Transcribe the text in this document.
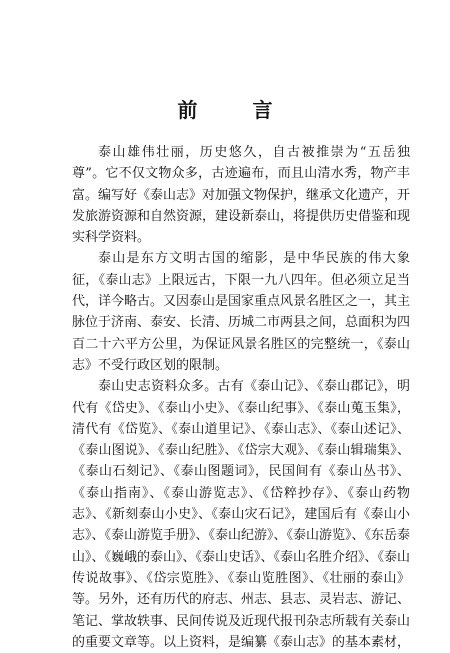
前 言

泰山雄伟壮丽，历史悠久，自古被推崇为“五岳独尊”。它不仅文物众多，古迹遍布，而且山清水秀，物产丰富。编写好《泰山志》对加强文物保护，继承文化遗产，开发旅游资源和自然资源，建设新泰山，将提供历史借鉴和现实科学资料。

泰山是东方文明古国的缩影，是中华民族的伟大象征，《泰山志》上限远古，下限一九八四年。但必须立足当代，详今略古。又因泰山是国家重点风景名胜区之一，其主脉位于济南、泰安、长清、历城二市两县之间，总面积为四百二十六平方公里，为保证风景名胜区的完整统一，《泰山志》不受行政区划的限制。

泰山史志资料众多。古有《泰山记》、《泰山郡记》，明代有《岱史》、《泰山小史》、《泰山纪事》、《泰山蒐玉集》，清代有《岱览》、《泰山道里记》、《泰山志》、《泰山述记》、《泰山图说》、《泰山纪胜》、《岱宗大观》、《泰山辑瑞集》、《泰山石刻记》、《泰山图题词》，民国间有《泰山丛书》、《泰山指南》、《泰山游览志》、《岱粹抄存》、《泰山药物志》、《新刻泰山小史》、《泰山灾石记》，建国后有《泰山小志》、《泰山游览手册》、《泰山纪游》、《泰山游览》、《东岳泰山》、《巍峨的泰山》、《泰山史话》、《泰山名胜介绍》、《泰山传说故事》、《岱宗览胜》、《泰山览胜图》、《壮丽的泰山》等。另外，还有历代的府志、州志、县志、灵岩志、游记、笔记、掌故轶事、民间传说及近现代报刊杂志所载有关泰山的重要文章等。以上资料，是编纂《泰山志》的基本素材，
